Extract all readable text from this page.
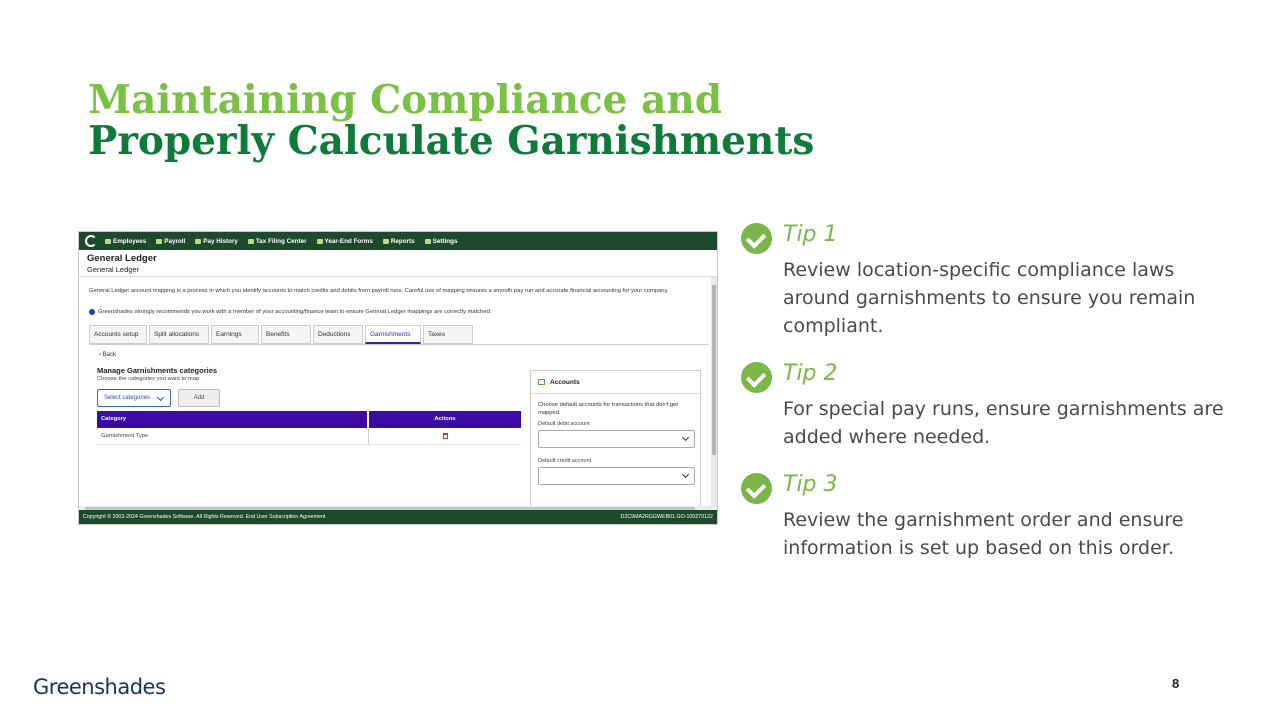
Maintaining Compliance and
Properly Calculate Garnishments
Employees	Payroll	Pay History	Tax Filing Center	Year-End Forms	Reports	Settings
General Ledger
General Ledger
General Ledger account mapping is a process in which you identify accounts to match credits and debits from payroll runs. Careful use of mapping ensures a smooth pay run and accurate financial accounting for your company.
Greenshades strongly recommends you work with a member of your accounting/finance team to ensure General Ledger mappings are correctly matched.
Accounts setup	Split allocations	Earnings	Benefits	Deductions	Garnishments	Taxes
‹ Back
Manage Garnishments categories
Choose the categories you want to map.
Select categories	Add
Category	Actions
Garnishment Type
Accounts
Choose default accounts for transactions that don't get mapped.
Default debit account
Default credit account
Copyright © 2003-2024 Greenshades Software. All Rights Reserved. End User Subscription Agreement	D2C9MA2RGGWEB01.GO-100270122
Tip 1
Review location-specific compliance laws around garnishments to ensure you remain compliant.
Tip 2
For special pay runs, ensure garnishments are added where needed.
Tip 3
Review the garnishment order and ensure information is set up based on this order.
Greenshades	8
